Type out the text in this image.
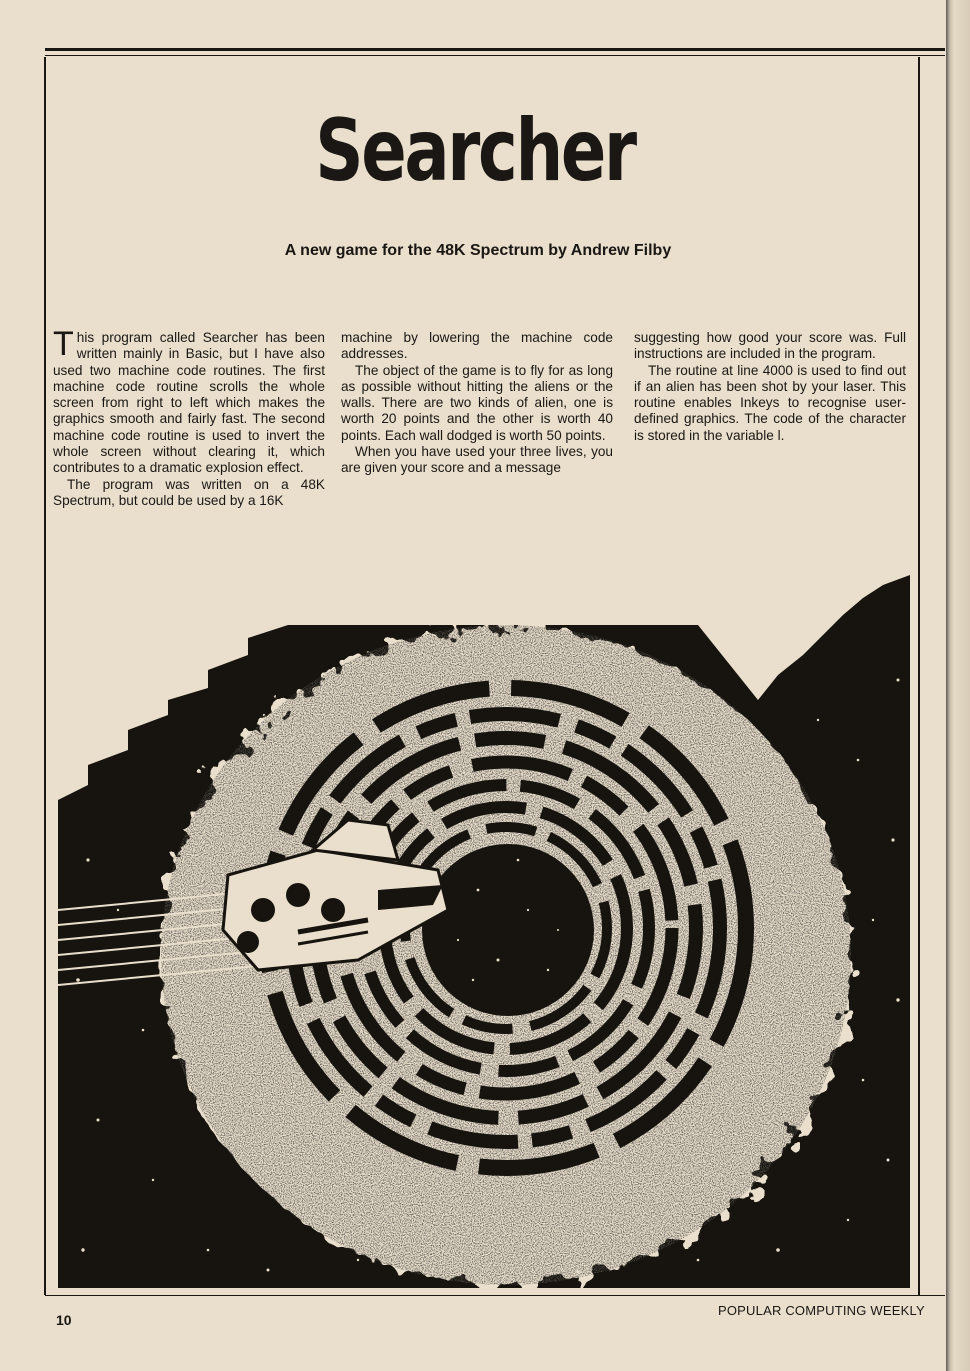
Searcher
A new game for the 48K Spectrum by Andrew Filby

This program called Searcher has been written mainly in Basic, but I have also used two machine code routines. The first machine code routine scrolls the whole screen from right to left which makes the graphics smooth and fairly fast. The second machine code routine is used to invert the whole screen without clearing it, which contributes to a dramatic explosion effect.

The program was written on a 48K Spectrum, but could be used by a 16K

machine by lowering the machine code addresses.

The object of the game is to fly for as long as possible without hitting the aliens or the walls. There are two kinds of alien, one is worth 20 points and the other is worth 40 points. Each wall dodged is worth 50 points.

When you have used your three lives, you are given your score and a message

suggesting how good your score was. Full instructions are included in the program.

The routine at line 4000 is used to find out if an alien has been shot by your laser. This routine enables Inkeys to recognise user-defined graphics. The code of the character is stored in the variable l.

10
POPULAR COMPUTING WEEKLY
